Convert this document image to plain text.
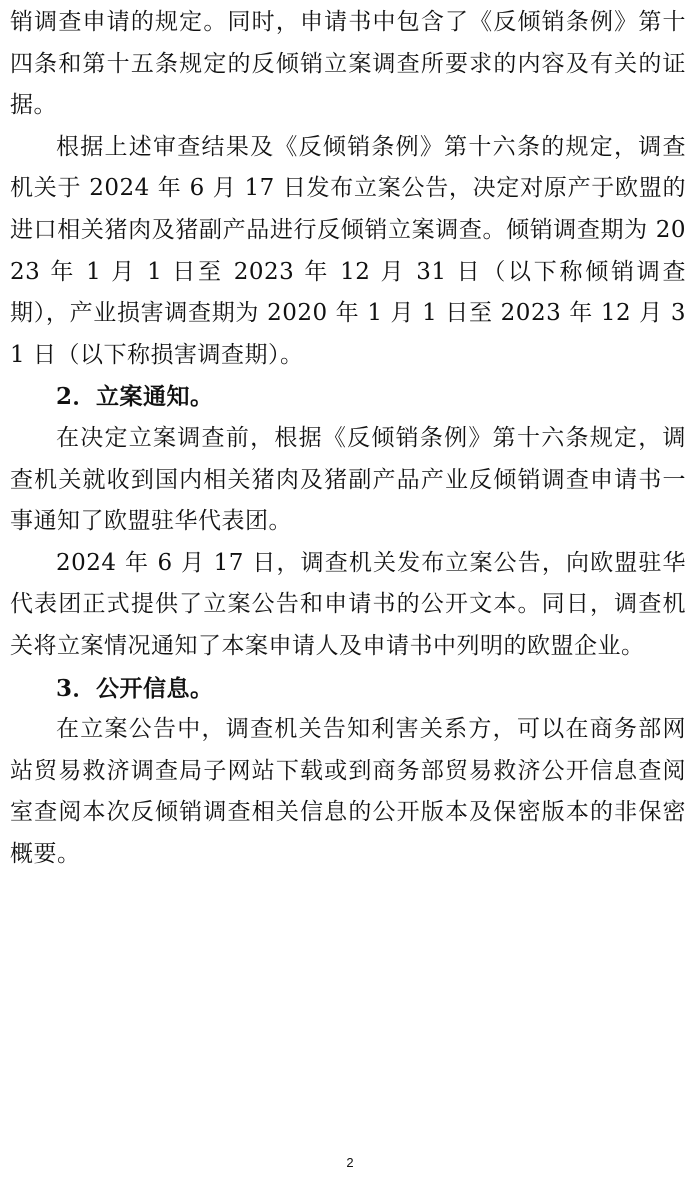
销调查申请的规定。同时，申请书中包含了《反倾销条例》第十四条和第十五条规定的反倾销立案调查所要求的内容及有关的证据。

根据上述审查结果及《反倾销条例》第十六条的规定，调查机关于 2024 年 6 月 17 日发布立案公告，决定对原产于欧盟的进口相关猪肉及猪副产品进行反倾销立案调查。倾销调查期为 2023 年 1 月 1 日至 2023 年 12 月 31 日（以下称倾销调查期），产业损害调查期为 2020 年 1 月 1 日至 2023 年 12 月 31 日（以下称损害调查期）。

2．立案通知。

在决定立案调查前，根据《反倾销条例》第十六条规定，调查机关就收到国内相关猪肉及猪副产品产业反倾销调查申请书一事通知了欧盟驻华代表团。

2024 年 6 月 17 日，调查机关发布立案公告，向欧盟驻华代表团正式提供了立案公告和申请书的公开文本。同日，调查机关将立案情况通知了本案申请人及申请书中列明的欧盟企业。

3．公开信息。

在立案公告中，调查机关告知利害关系方，可以在商务部网站贸易救济调查局子网站下载或到商务部贸易救济公开信息查阅室查阅本次反倾销调查相关信息的公开版本及保密版本的非保密概要。

2
